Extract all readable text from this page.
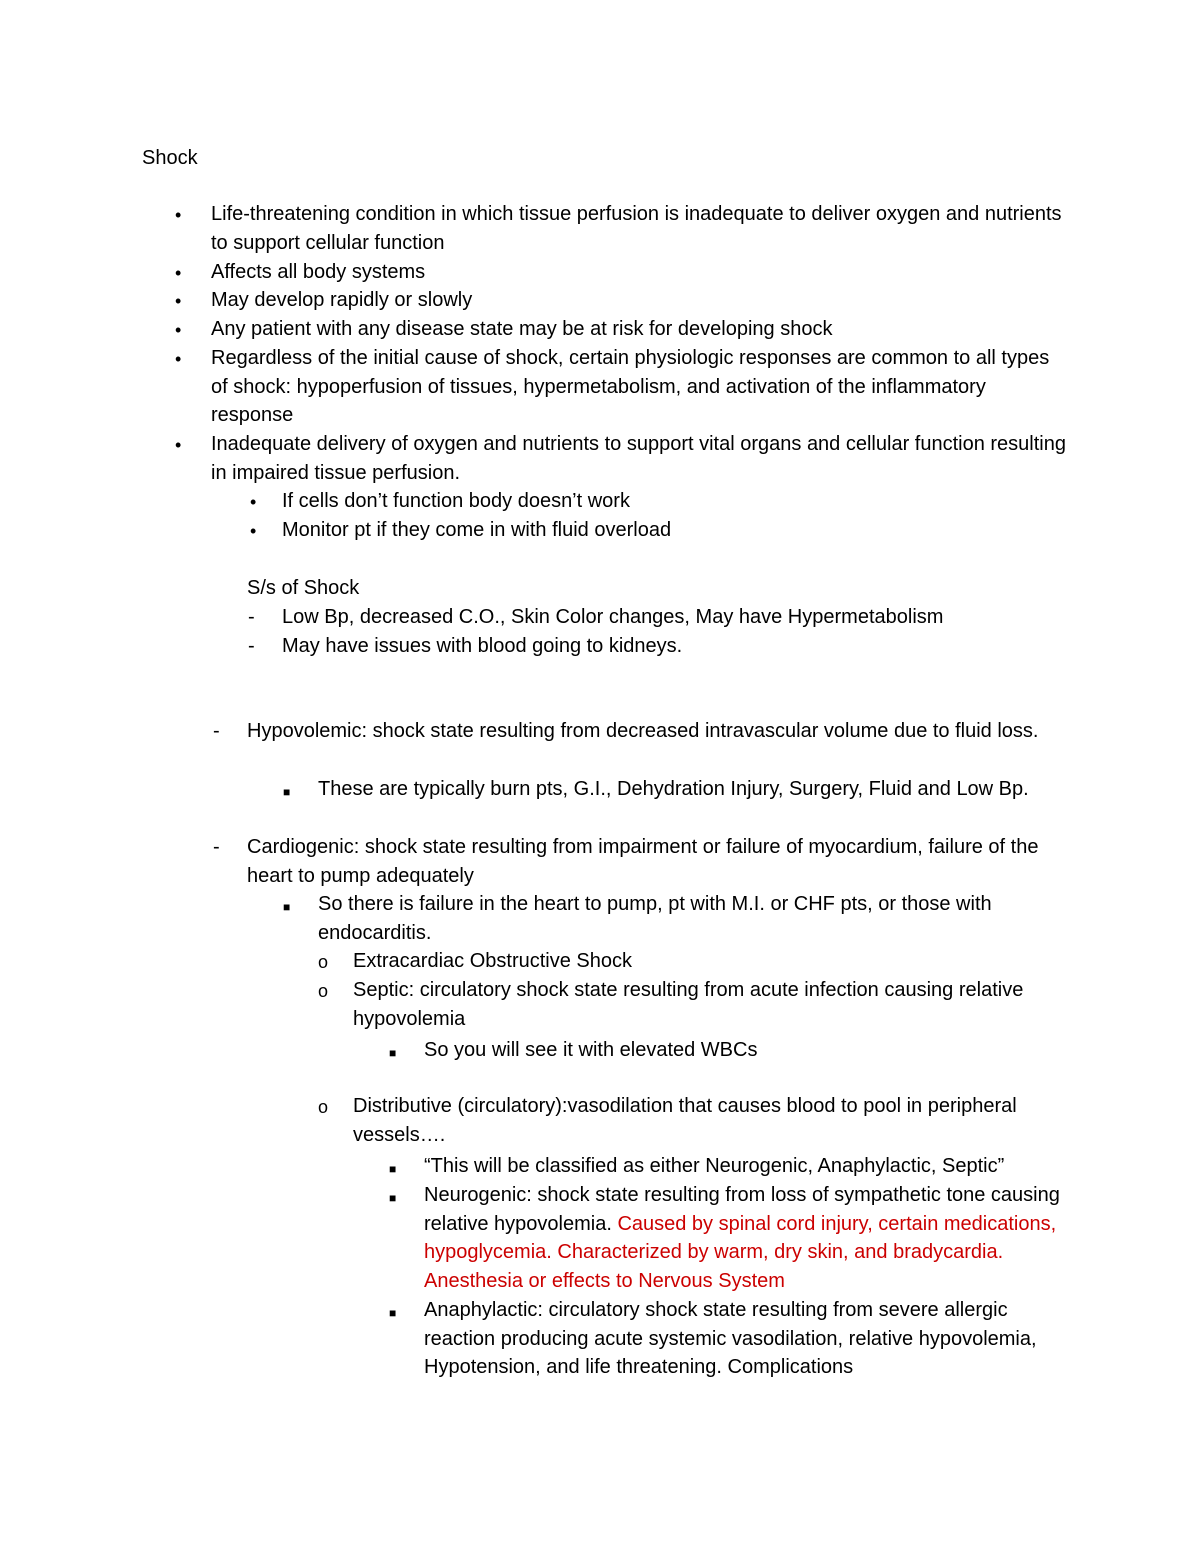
Shock
• Life-threatening condition in which tissue perfusion is inadequate to deliver oxygen and nutrients to support cellular function

• Affects all body systems

• May develop rapidly or slowly

• Any patient with any disease state may be at risk for developing shock

• Regardless of the initial cause of shock, certain physiologic responses are common to all types of shock: hypoperfusion of tissues, hypermetabolism, and activation of the inflammatory response

• Inadequate delivery of oxygen and nutrients to support vital organs and cellular function resulting in impaired tissue perfusion.

• If cells don’t function body doesn’t work

• Monitor pt if they come in with fluid overload

S/s of Shock
- Low Bp, decreased C.O., Skin Color changes, May have Hypermetabolism

- May have issues with blood going to kidneys.

- Hypovolemic: shock state resulting from decreased intravascular volume due to fluid loss.

■ These are typically burn pts, G.I., Dehydration Injury, Surgery, Fluid and Low Bp.

- Cardiogenic: shock state resulting from impairment or failure of myocardium, failure of the heart to pump adequately

■ So there is failure in the heart to pump, pt with M.I. or CHF pts, or those with endocarditis.

o Extracardiac Obstructive Shock

o Septic: circulatory shock state resulting from acute infection causing relative hypovolemia

■ So you will see it with elevated WBCs

o Distributive (circulatory):vasodilation that causes blood to pool in peripheral vessels….

■ “This will be classified as either Neurogenic, Anaphylactic, Septic”

■ Neurogenic: shock state resulting from loss of sympathetic tone causing relative hypovolemia. Caused by spinal cord injury, certain medications, hypoglycemia. Characterized by warm, dry skin, and bradycardia. Anesthesia or effects to Nervous System

■ Anaphylactic: circulatory shock state resulting from severe allergic reaction producing acute systemic vasodilation, relative hypovolemia, Hypotension, and life threatening. Complications
